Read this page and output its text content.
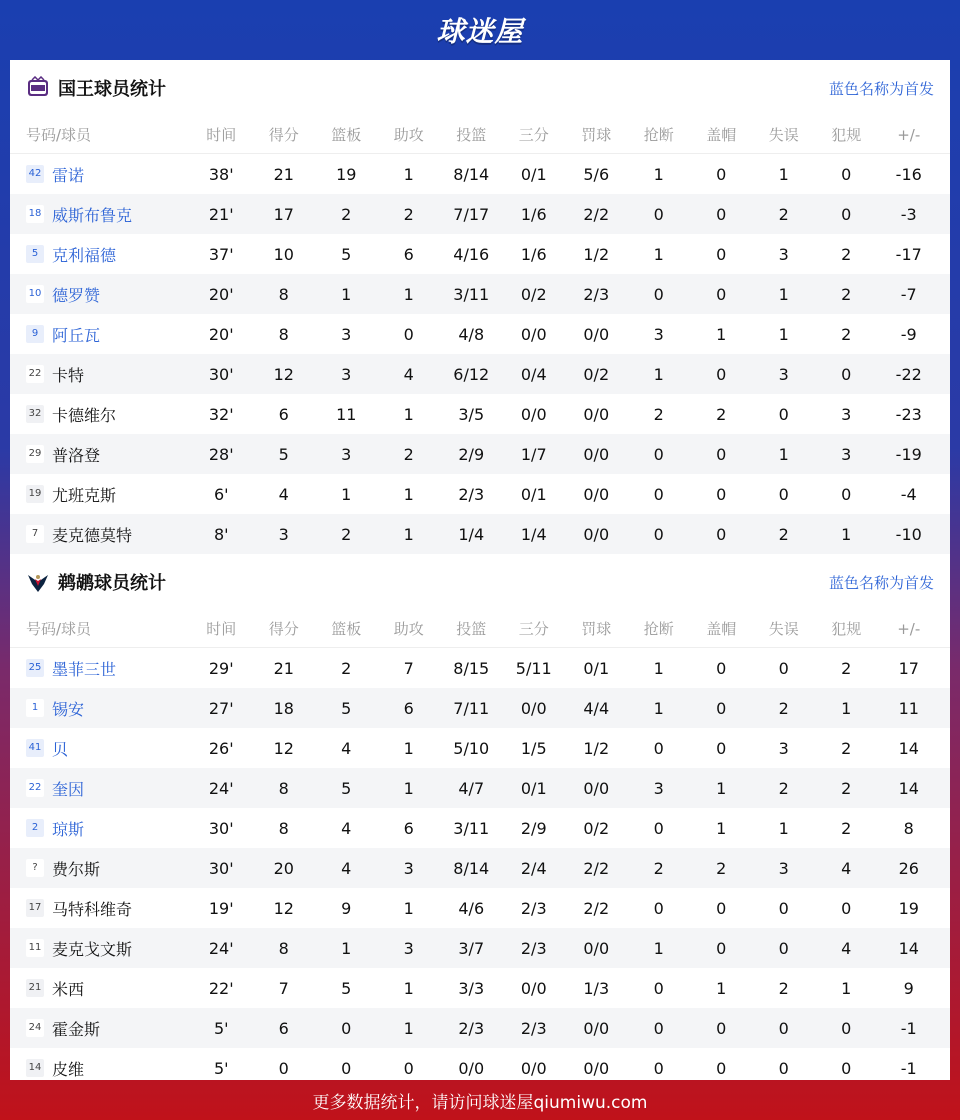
球迷屋
国王球员统计	蓝色名称为首发
号码/球员	时间	得分	篮板	助攻	投篮	三分	罚球	抢断	盖帽	失误	犯规	+/-
42 雷诺	38'	21	19	1	8/14	0/1	5/6	1	0	1	0	-16
18 威斯布鲁克	21'	17	2	2	7/17	1/6	2/2	0	0	2	0	-3
5 克利福德	37'	10	5	6	4/16	1/6	1/2	1	0	3	2	-17
10 德罗赞	20'	8	1	1	3/11	0/2	2/3	0	0	1	2	-7
9 阿丘瓦	20'	8	3	0	4/8	0/0	0/0	3	1	1	2	-9
22 卡特	30'	12	3	4	6/12	0/4	0/2	1	0	3	0	-22
32 卡德维尔	32'	6	11	1	3/5	0/0	0/0	2	2	0	3	-23
29 普洛登	28'	5	3	2	2/9	1/7	0/0	0	0	1	3	-19
19 尤班克斯	6'	4	1	1	2/3	0/1	0/0	0	0	0	0	-4
7 麦克德莫特	8'	3	2	1	1/4	1/4	0/0	0	0	2	1	-10
鹈鹕球员统计	蓝色名称为首发
号码/球员	时间	得分	篮板	助攻	投篮	三分	罚球	抢断	盖帽	失误	犯规	+/-
25 墨菲三世	29'	21	2	7	8/15	5/11	0/1	1	0	0	2	17
1 锡安	27'	18	5	6	7/11	0/0	4/4	1	0	2	1	11
41 贝	26'	12	4	1	5/10	1/5	1/2	0	0	3	2	14
22 奎因	24'	8	5	1	4/7	0/1	0/0	3	1	2	2	14
2 琼斯	30'	8	4	6	3/11	2/9	0/2	0	1	1	2	8
? 费尔斯	30'	20	4	3	8/14	2/4	2/2	2	2	3	4	26
17 马特科维奇	19'	12	9	1	4/6	2/3	2/2	0	0	0	0	19
11 麦克戈文斯	24'	8	1	3	3/7	2/3	0/0	1	0	0	4	14
21 米西	22'	7	5	1	3/3	0/0	1/3	0	1	2	1	9
24 霍金斯	5'	6	0	1	2/3	2/3	0/0	0	0	0	0	-1
14 皮维	5'	0	0	0	0/0	0/0	0/0	0	0	0	0	-1
更多数据统计，请访问球迷屋qiumiwu.com
